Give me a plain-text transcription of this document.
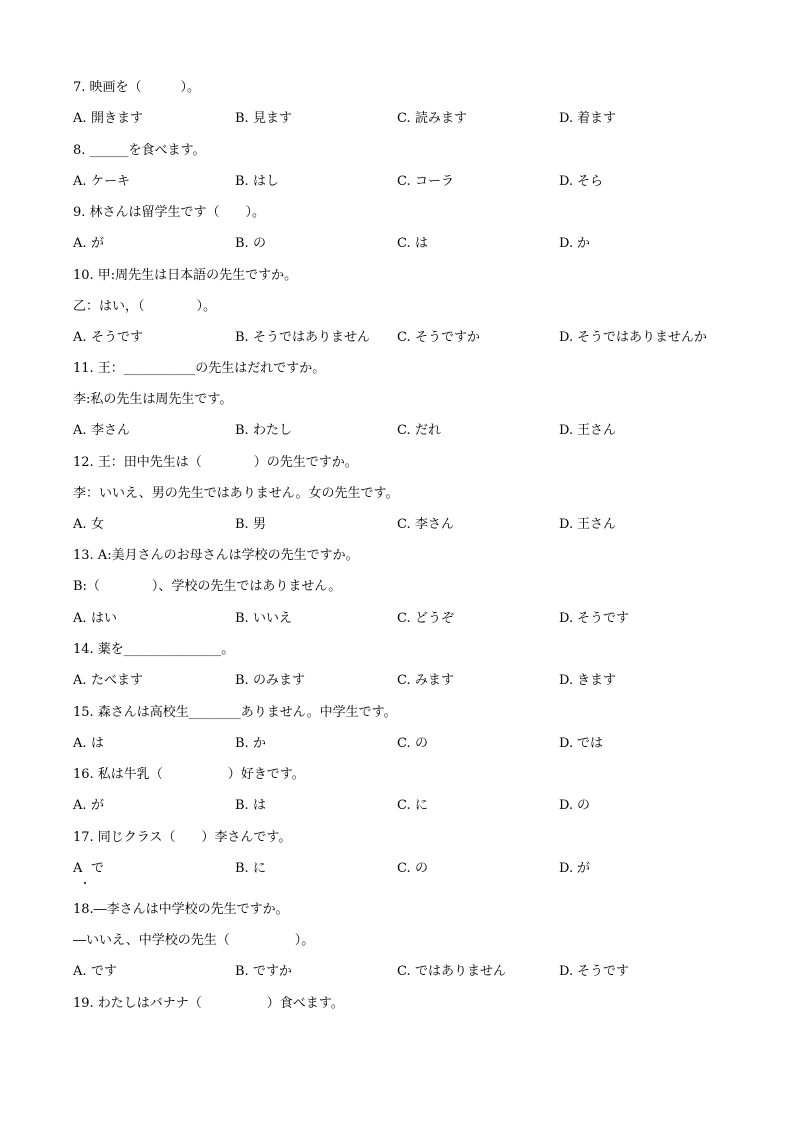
7. 映画を（　　　）。
A. 開きます	B. 見ます	C. 読みます	D. 着ます
8. ______を食べます。
A. ケーキ	B. はし	C. コーラ	D. そら
9. 林さんは留学生です（　　）。
A. が	B. の	C. は	D. か
10. 甲:周先生は日本語の先生ですか。
乙：はい，（　　　　）。
A. そうです	B. そうではありません C. そうですか	D. そうではありませんか
11. 王：___________の先生はだれですか。
李:私の先生は周先生です。
A. 李さん	B. わたし	C. だれ	D. 王さん
12. 王：田中先生は（　　　　）の先生ですか。
李：いいえ、男の先生ではありません。女の先生です。
A. 女	B. 男	C. 李さん	D. 王さん
13. A:美月さんのお母さんは学校の先生ですか。
B:（　　　　）、学校の先生ではありません。
A. はい	B. いいえ	C. どうぞ	D. そうです
14. 薬を_______________。
A. たべます	B. のみます	C. みます	D. きます
15. 森さんは高校生________ありません。中学生です。
A. は	B. か	C. の	D. では
16. 私は牛乳（　　　　　）好きです。
A. が	B. は	C. に	D. の
17. 同じクラス（　　）李さんです。
A で	B. に	C. の	D. が
18.―李さんは中学校の先生ですか。
―いいえ、中学校の先生（　　　　　）。
A. です	B. ですか	C. ではありません	D. そうです
19. わたしはバナナ（　　　　　）食べます。
